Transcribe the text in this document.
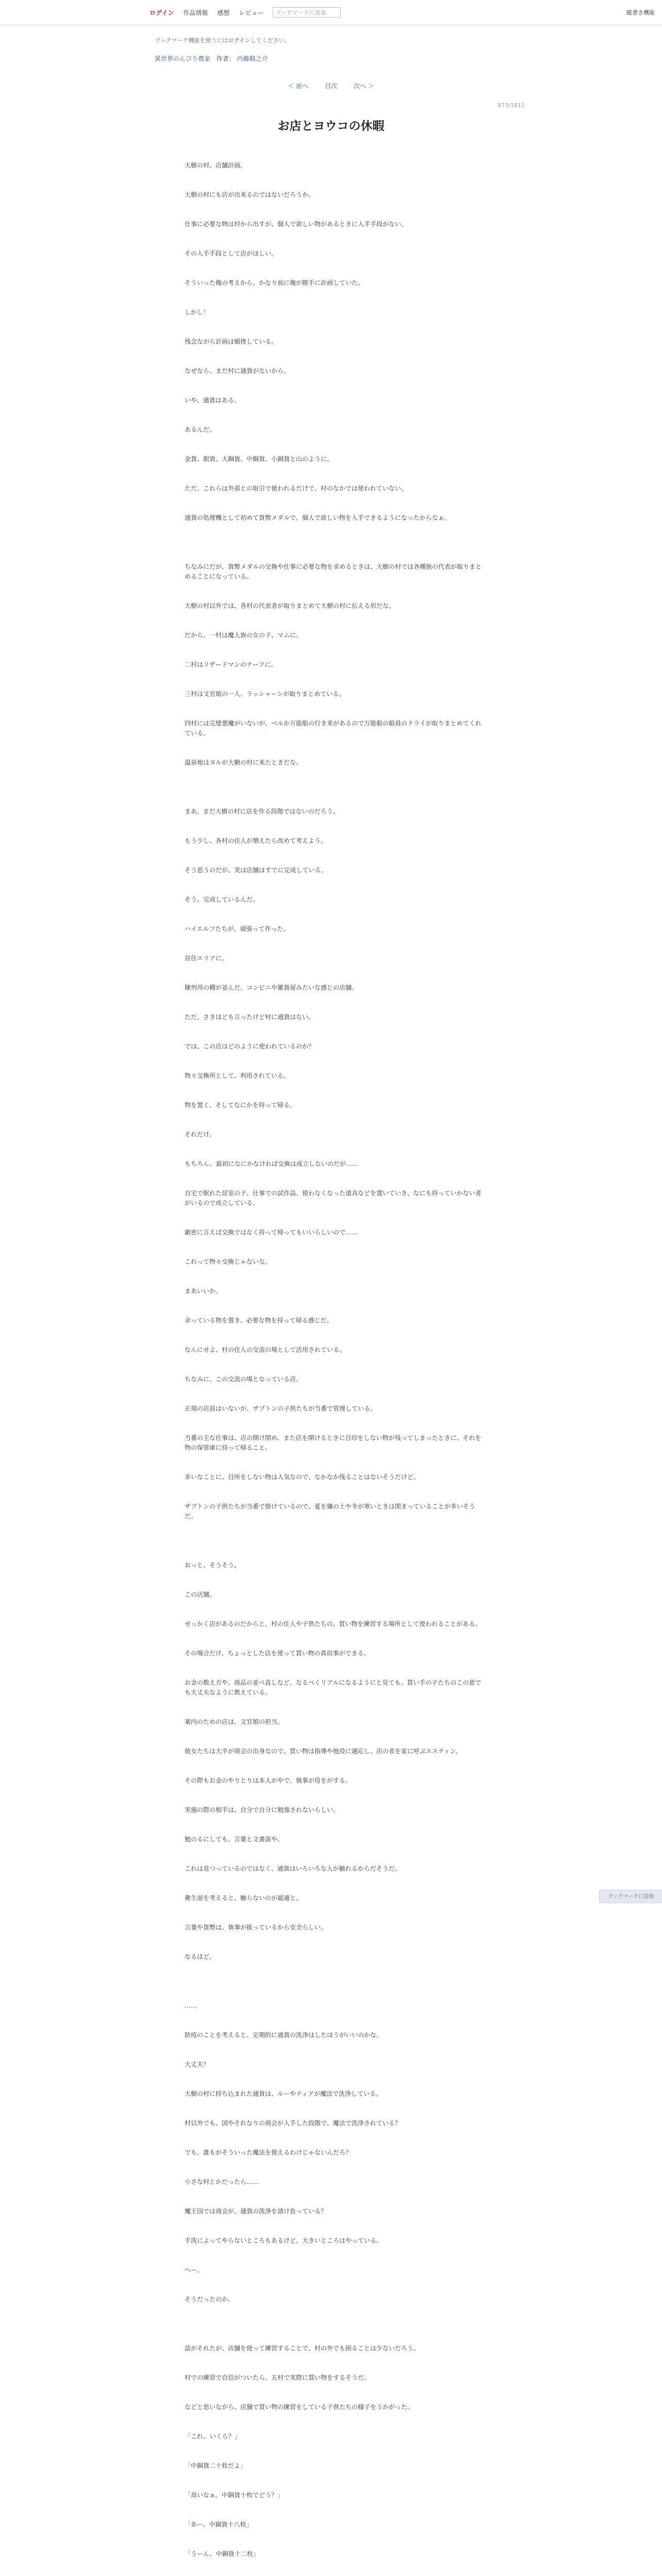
ログイン 作品情報 感想 レビュー	ブックマークに追加	縦書き機能
ブックマーク機能を使うにはログインしてください。
異世界のんびり農家 作者： 内藤騎之介
＜ 前へ	目次	次へ ＞
873/1611
お店とヨウコの休暇

大樹の村、店舗計画。

大樹の村にも店が出来るのではないだろうか。

仕事に必要な物は村から出すが、個人で欲しい物があるときに入手手段がない。

その入手手段として店がほしい。

そういった俺の考えから、かなり前に俺が勝手に計画していた。

しかし！

残念ながら計画は頓挫している。

なぜなら、まだ村に通貨がないから。

いや、通貨はある。

あるんだ。

金貨、銀貨、大銅貨、中銅貨、小銅貨と山のように。

ただ、これらは外部との取引で使われるだけで、村のなかでは使われていない。

通貨の処理機として初めて貨幣メダルで、個人で欲しい物を入手できるようになったからなぁ。

ちなみにだが、貨幣メダルの交換や仕事に必要な物を求めるときは、大樹の村では各種族の代表が取りまとめることになっている。

大樹の村以外では、各村の代表者が取りまとめて大樹の村に伝える形だな。

だから、一村は魔人族の女の子、マムに。

二村はリザードマンのナーフに。

三村は文官娘の一人、ラッシャーシが取りまとめている。

四村には完璧悪魔がいないが、ベルか万能船の行き来があるので万能船の船員のドライが取りまとめてくれている。

温泉地はヨルが大樹の村に来たときだな。

まあ、まだ大樹の村に店を作る段階ではないのだろう。

もう少し、各村の住人が増えたら改めて考えよう。

そう思うのだが、実は店舗はすでに完成している。

そう、完成しているんだ。

ハイエルフたちが、頑張って作った。

居住エリアに。

陳列用の棚が並んだ、コンビニや雑貨屋みたいな感じの店舗。

ただ、さきほども言ったけど村に通貨はない。

では、この店はどのように使われているのか？

物々交換所として、利用されている。

物を置く、そしてなにかを持って帰る。

それだけ。

もちろん、最初になにかなければ交換は成立しないのだが……

自宅で眠れた居室の子、仕事での試作品、使わなくなった道具などを置いていき、なにも持っていかない者がいるので成立している。

厳密に言えば交換ではなく持って帰ってもいいらしいので……

これって物々交換じゃないな。

まあいいか。

余っている物を置き、必要な物を持って帰る感じだ。

なんにせよ、村の住人の交流の場として活用されている。

ちなみに、この交流の場となっている店。

正規の店員はいないが、ザブトンの子供たちが当番で管理している。

当番の主な仕事は、店の開け閉め、また店を開けるときに目印をしない物が残ってしまったときに、それを物の保管庫に持って帰ること。

多いなことに、目所をしない物は人気なので、なかなか残ることはないそうだけど。

ザブトンの子供たちが当番で掛けているので、夏を嫌の土や冬が寒いときは閉まっていることが多いそうだ。

おっと、そうそう。

この店舗。

せっかく店があるのだからと、村の住人や子供たちの、買い物を練習する場所として使われることがある。

その場合だけ、ちょっとした店を使って買い物の真似事ができる。

お金の数え方や、商品の並べ直しなど、なるべくリアルになるようにと見ても、買い手の子たちのこの意でも大丈夫なように教えている。

案内のための店は、文官娘の担当。

彼女たちは大半が商会の出身なので、買い物は指導や他役に適応し、店の者を家に呼ぶエスティン。

その際もお金のやりとりは本人がやで、執事が役をがする。

実施の際の相手は、自分で自分に勉強されないらしい。

勉のるにしても、言葉と文書説や。

これは見つっているのではなく、通貨はいろいろな人が触れるからだそうだ。

衛生面を考えると、触らないのが最適と。

言葉や貨幣は、執事が扱っているから安全らしい。

なるほど。

……

防疫のことを考えると、定期的に通貨の洗浄はしたほうがいいのかな。

大丈夫？

大樹の村に持ち込まれた通貨は、ルーやティアが魔法で洗浄している。

村以外でも、国やそれなりの商会が入手した段階で、魔法で洗浄されている？

でも、誰もがそういった魔法を使えるわけじゃないんだろ？

小さな村とかだったら……

魔王国では商会が、通貨の洗浄を請け負っている？

手洗によってやらないところもあるけど、大きいところはやっている。

へー。

そうだったのか。

話がそれたが、店舗を使って練習することで、村の外でも困ることは少ないだろう。

村での練習で自信がついたら、五村で実際に買い物をするそうだ。

などと思いながら、店舗で買い物の練習をしている子供たちの様子をうかがった。

「これ、いくら？」

「中銅貨二十枚だよ」

「高いなぁ。中銅貨十枚でどう？」

「あー、中銅貨十八枚」

「うーん、中銅貨十二枚」

ブックマークに追加
